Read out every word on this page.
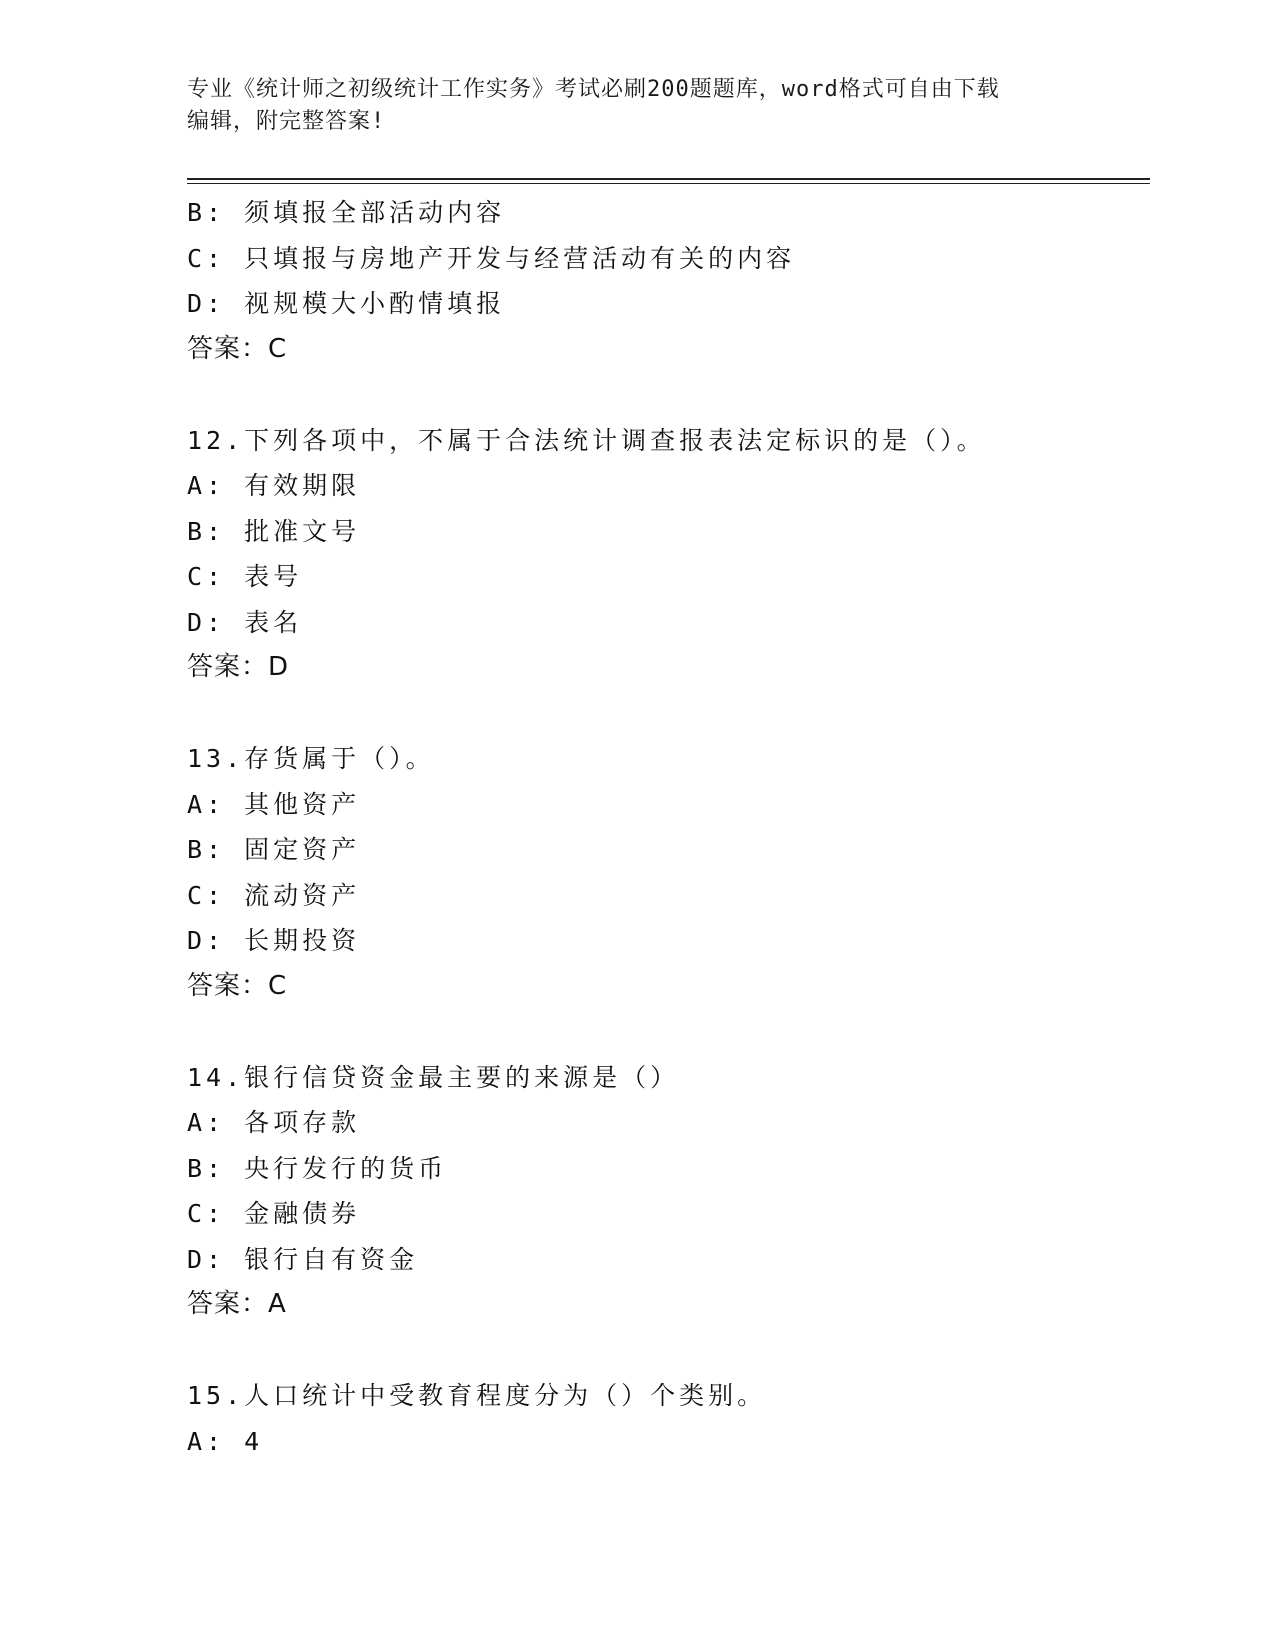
专业《统计师之初级统计工作实务》考试必刷200题题库，word格式可自由下载
编辑，附完整答案!
B: 须填报全部活动内容
C: 只填报与房地产开发与经营活动有关的内容
D: 视规模大小酌情填报
答案：C
12.下列各项中，不属于合法统计调查报表法定标识的是（）。
A: 有效期限
B: 批准文号
C: 表号
D: 表名
答案：D
13.存货属于（）。
A: 其他资产
B: 固定资产
C: 流动资产
D: 长期投资
答案：C
14.银行信贷资金最主要的来源是（）
A: 各项存款
B: 央行发行的货币
C: 金融债券
D: 银行自有资金
答案：A
15.人口统计中受教育程度分为（）个类别。
A: 4
